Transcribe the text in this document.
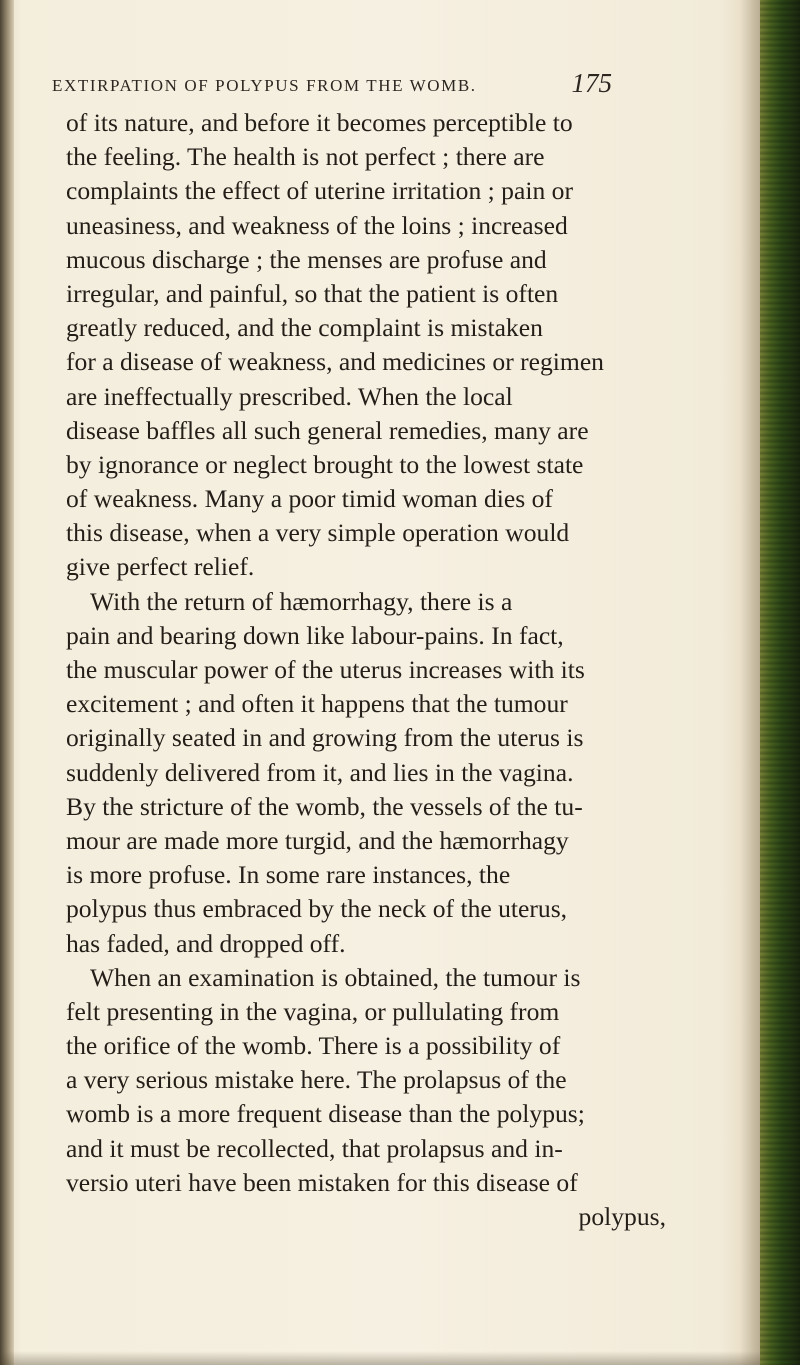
EXTIRPATION OF POLYPUS FROM THE WOMB.	175
of its nature, and before it becomes perceptible to
the feeling. The health is not perfect ; there are
complaints the effect of uterine irritation ; pain or
uneasiness, and weakness of the loins ; increased
mucous discharge ; the menses are profuse and
irregular, and painful, so that the patient is often
greatly reduced, and the complaint is mistaken
for a disease of weakness, and medicines or regimen
are ineffectually prescribed. When the local
disease baffles all such general remedies, many are
by ignorance or neglect brought to the lowest state
of weakness. Many a poor timid woman dies of
this disease, when a very simple operation would
give perfect relief.
With the return of hæmorrhagy, there is a
pain and bearing down like labour-pains. In fact,
the muscular power of the uterus increases with its
excitement ; and often it happens that the tumour
originally seated in and growing from the uterus is
suddenly delivered from it, and lies in the vagina.
By the stricture of the womb, the vessels of the tu-
mour are made more turgid, and the hæmorrhagy
is more profuse. In some rare instances, the
polypus thus embraced by the neck of the uterus,
has faded, and dropped off.
When an examination is obtained, the tumour is
felt presenting in the vagina, or pullulating from
the orifice of the womb. There is a possibility of
a very serious mistake here. The prolapsus of the
womb is a more frequent disease than the polypus;
and it must be recollected, that prolapsus and in-
versio uteri have been mistaken for this disease of
polypus,
